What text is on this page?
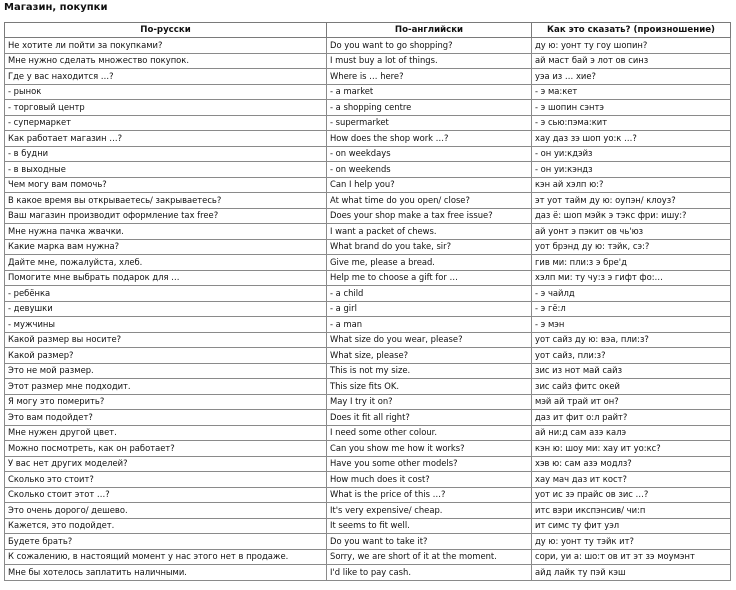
Магазин, покупки
По-русски	По-английски	Как это сказать? (произношение)
Не хотите ли пойти за покупками?	Do you want to go shopping?	ду ю: уонт ту гоу шопин?
Мне нужно сделать множество покупок.	I must buy a lot of things.	ай маст бай э лот ов синз
Где у вас находится …?	Where is … here?	уэа из … хие?
- рынок	- a market	- э ма:кет
- торговый центр	- a shopping centre	- э шопин сэнтэ
- супермаркет	- supermarket	- э сью:пэма:кит
Как работает магазин …?	How does the shop work …?	хау даз зэ шоп уо:к …?
- в будни	- on weekdays	- он уи:кдэйз
- в выходные	- on weekends	- он уи:кэндз
Чем могу вам помочь?	Can I help you?	кэн ай хэлп ю:?
В какое время вы открываетесь/ закрываетесь?	At what time do you open/ close?	эт уот тайм ду ю: оупэн/ клоуз?
Ваш магазин производит оформление tax free?	Does your shop make a tax free issue?	даз ё: шоп мэйк э тэкс фри: ишу:?
Мне нужна пачка жвачки.	I want a packet of chews.	ай уонт э пэкит ов чь'юз
Какие марка вам нужна?	What brand do you take, sir?	уот брэнд ду ю: тэйк, сэ:?
Дайте мне, пожалуйста, хлеб.	Give me, please a bread.	гив ми: пли:з э брe'д
Помогите мне выбрать подарок для …	Help me to choose a gift for …	хэлп ми: ту чу:з э гифт фо:…
- ребёнка	- a child	- э чайлд
- девушки	- a girl	- э гё:л
- мужчины	- a man	- э мэн
Какой размер вы носите?	What size do you wear, please?	уот сайз ду ю: вэа, пли:з?
Какой размер?	What size, please?	уот сайз, пли:з?
Это не мой размер.	This is not my size.	зис из нот май сайз
Этот размер мне подходит.	This size fits OK.	зис сайз фитс окей
Я могу это померить?	May I try it on?	мэй ай трай ит он?
Это вам подойдет?	Does it fit all right?	даз ит фит о:л райт?
Мне нужен другой цвет.	I need some other colour.	ай ни:д сам азэ калэ
Можно посмотреть, как он работает?	Can you show me how it works?	кэн ю: шоу ми: хау ит уо:кс?
У вас нет других моделей?	Have you some other models?	хэв ю: сам азэ модлз?
Сколько это стоит?	How much does it cost?	хау мач даз ит кост?
Сколько стоит этот …?	What is the price of this …?	уот ис зэ прайс ов зис …?
Это очень дорого/ дешево.	It's very expensive/ cheap.	итс вэри икспэнсив/ чи:п
Кажется, это подойдет.	It seems to fit well.	ит симс ту фит уэл
Будете брать?	Do you want to take it?	ду ю: уонт ту тэйк ит?
К сожалению, в настоящий момент у нас этого нет в продаже.	Sorry, we are short of it at the moment.	сори, уи а: шо:т ов ит эт зэ моумэнт
Мне бы хотелось заплатить наличными.	I'd like to pay cash.	айд лайк ту пэй кэш
